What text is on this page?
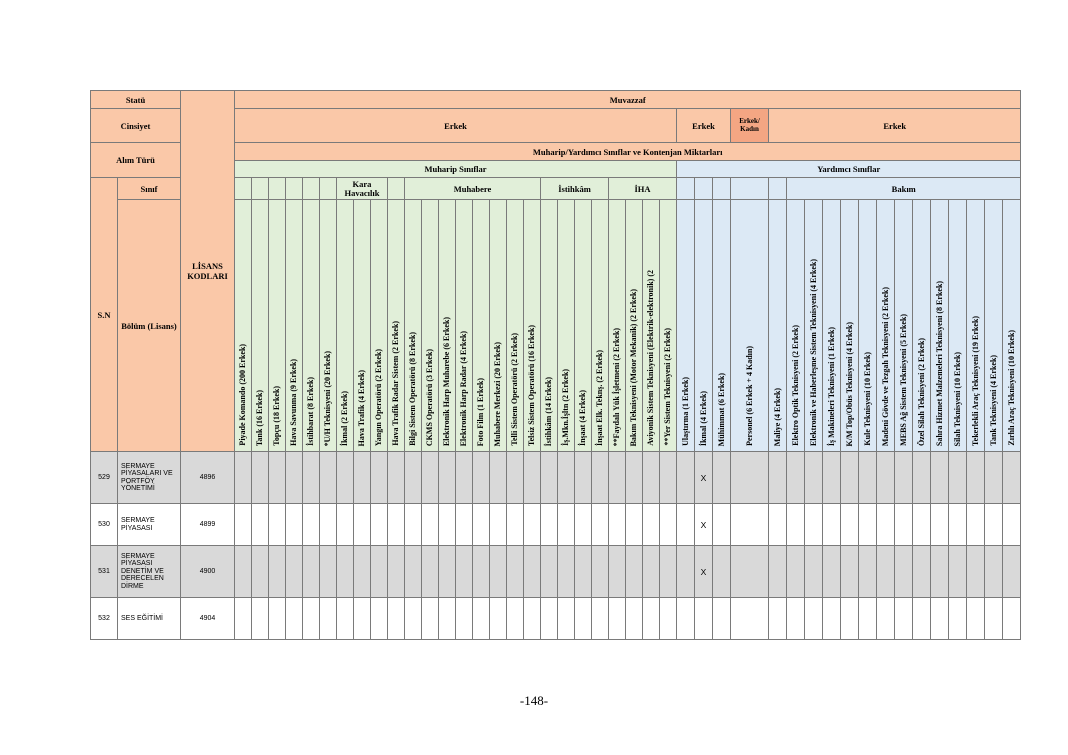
Statü		LİSANS KODLARI	Muvazzaf																																											
Cinsiyet			Erkek																										Erkek			Erkek/ Kadın	Erkek													
Alım Türü			Muharip/Yardımcı Sınıflar ve Kontenjan Miktarları																																											
			Muharip Sınıflar																										Yardımcı Sınıflar																	
S.N	Sınıf								Kara Havacılık				Muhabere								İstihkâm				İHA									Bakım												
	Bölüm (Lisans)		Piyade Komando (200 Erkek)	Tank (16 Erkek)	Topçu (18 Erkek)	Hava Savunma (9 Erkek)	İstihbarat (8 Erkek)	*U/H Teknisyeni (20 Erkek)	İkmal (2 Erkek)	Hava Trafik (4 Erkek)	Yangın Operatörü (2 Erkek)	Hava Trafik Radar Sistem (2 Erkek)	Bilgi Sistem Operatörü (8 Erkek)	CKMS Operatörü (3 Erkek)	Elektronik Harp Muharebe (6 Erkek)	Elektronik Harp Radar (4 Erkek)	Foto Film (1 Erkek)	Muhabere Merkezi (20 Erkek)	Telli Sistem Operatörü (2 Erkek)	Telsiz Sistem Operatörü (16 Erkek)	İstihkâm (14 Erkek)	İş.Mkn.İşltn (2 Erkek)	İnşaat (4 Erkek)	İnşaat Elk. Teknş. (2 Erkek)	**Faydalı Yük İşletmeni (2 Erkek)	Bakım Teknisyeni (Motor Mekanik) (2 Erkek)	Aviyonik Sistem Teknisyeni (Elektrik-elektronik) (2	**Yer Sistem Teknisyeni (2 Erkek)	Ulaştırma (1 Erkek)	İkmal (4 Erkek)	Mühimmat (6 Erkek)	Personel (6 Erkek + 4 Kadın)	Maliye (4 Erkek)	Elektro Optik Teknisyeni (2 Erkek)	Elektronik ve Haberleşme Sistem Teknisyeni (4 Erkek)	İş Makineleri Teknisyeni (1 Erkek)	K/M Top/Obüs Teknisyeni (4 Erkek)	Kule Teknisyeni (10 Erkek)	Madeni Gövde ve Tezgah Teknisyeni (2 Erkek)	MEBS Ağ Sistem Teknisyeni (5 Erkek)	Özel Silah Teknisyeni (2 Erkek)	Sahra Hizmet Malzemeleri Teknisyeni (8 Erkek)	Silah Teknisyeni (10 Erkek)	Tekerlekli Araç Teknisyeni (19 Erkek)	Tank Teknisyeni (4 Erkek)	Zırhlı Araç Teknisyeni (10 Erkek)
529	SERMAYE PİYASALARI VE PORTFÖY YÖNETİMİ	4896																												X																
530	SERMAYE PİYASASI	4899																												X																
531	SERMAYE PİYASASI DENETİM VE DERECELEN DİRME	4900																												X																
532	SES EĞİTİMİ	4904																																												
-148-
